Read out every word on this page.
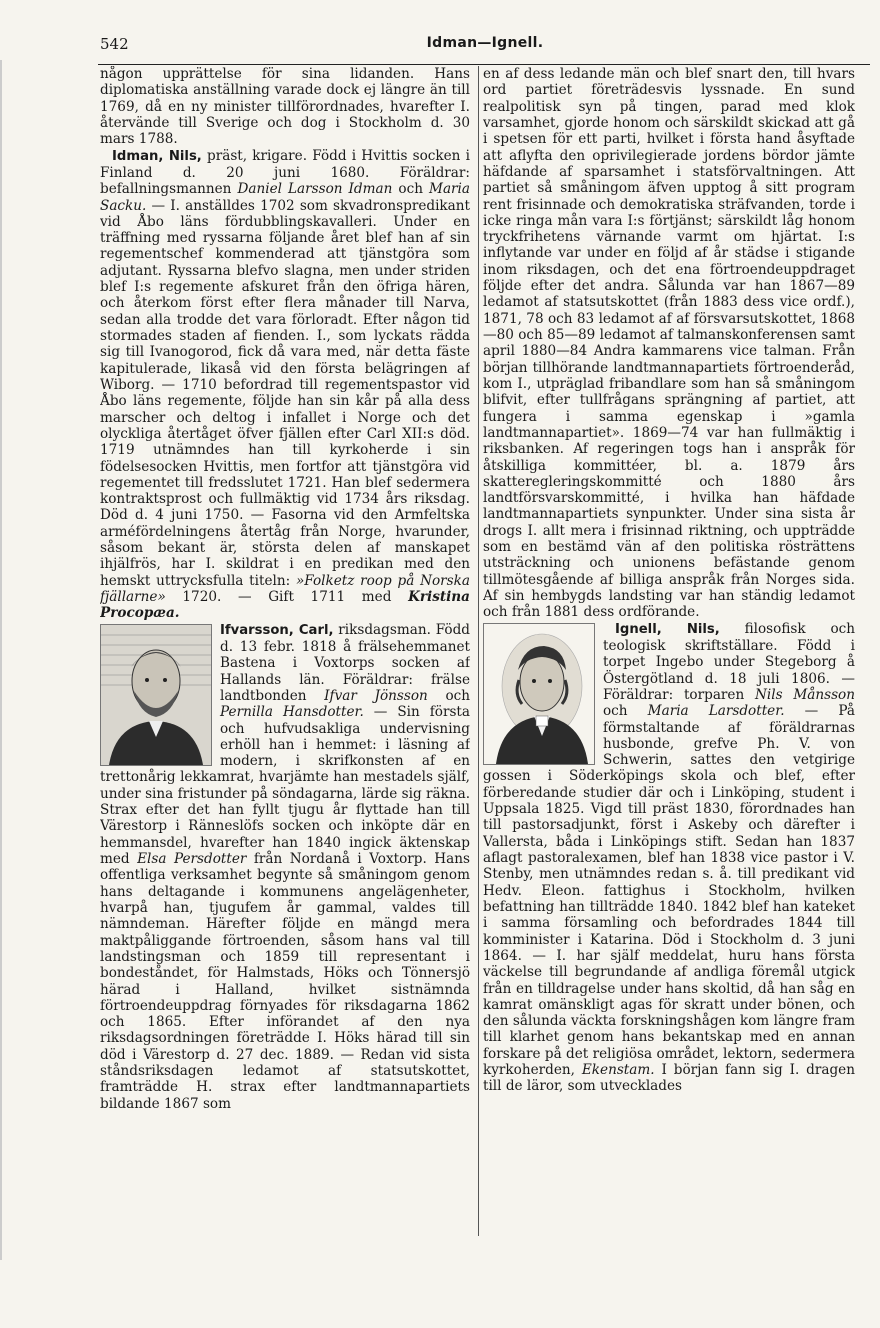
542	Idman—Ignell.

någon upprättelse för sina lidanden. Hans diplomatiska anställning varade dock ej längre än till 1769, då en ny minister tillförordnades, hvarefter I. återvände till Sverige och dog i Stockholm d. 30 mars 1788.

Idman, Nils, präst, krigare. Född i Hvittis socken i Finland d. 20 juni 1680. Föräldrar: befallningsmannen Daniel Larsson Idman och Maria Sacku. — I. anställdes 1702 som skvadronspredikant vid Åbo läns fördubblingskavalleri. Under en träffning med ryssarna följande året blef han af sin regementschef kommenderad att tjänstgöra som adjutant. Ryssarna blefvo slagna, men under striden blef I:s regemente afskuret från den öfriga hären, och återkom först efter flera månader till Narva, sedan alla trodde det vara förloradt. Efter någon tid stormades staden af fienden. I., som lyckats rädda sig till Ivanogorod, fick då vara med, när detta fäste kapitulerade, likaså vid den första belägringen af Wiborg. — 1710 befordrad till regementspastor vid Åbo läns regemente, följde han sin kår på alla dess marscher och deltog i infallet i Norge och det olyckliga återtåget öfver fjällen efter Carl XII:s död. 1719 utnämndes han till kyrkoherde i sin födelsesocken Hvittis, men fortfor att tjänstgöra vid regementet till fredsslutet 1721. Han blef sedermera kontraktsprost och fullmäktig vid 1734 års riksdag. Död d. 4 juni 1750. — Fasorna vid den Armfeltska arméfördelningens återtåg från Norge, hvarunder, såsom bekant är, största delen af manskapet ihjälfrös, har I. skildrat i en predikan med den hemskt uttrycksfulla titeln: »Folketz roop på Norska fjällarne» 1720. — Gift 1711 med Kristina Procopæa.

Ifvarsson, Carl,
riksdagsman. Född d. 13 febr. 1818 å frälsehemmanet Bastena i Voxtorps socken af Hallands län. Föräldrar: frälse landtbonden Ifvar Jönsson och Pernilla Hansdotter. — Sin första och hufvudsakliga undervisning erhöll han i hemmet: i läsning af modern, i skrifkonsten af en trettonårig lekkamrat, hvarjämte han mestadels själf, under sina fristunder på söndagarna, lärde sig räkna. Strax efter det han fyllt tjugu år flyttade han till Värestorp i Ränneslöfs socken och inköpte där en hemmansdel, hvarefter han 1840 ingick äktenskap med Elsa Persdotter från Nordanå i Voxtorp. Hans offentliga verksamhet begynte så småningom genom hans deltagande i kommunens angelägenheter, hvarpå han, tjugufem år gammal, valdes till nämndeman. Härefter följde en mängd mera maktpåliggande förtroenden, såsom hans val till landstingsman och 1859 till representant i bondeståndet, för Halmstads, Höks och Tönnersjö härad i Halland, hvilket sistnämnda förtroendeuppdrag förnyades för riksdagarna 1862 och 1865. Efter införandet af den nya riksdagsordningen företrädde I. Höks härad till sin död i Värestorp d. 27 dec. 1889. — Redan vid sista ståndsriksdagen ledamot af statsutskottet, framträdde H. strax efter landtmannapartiets bildande 1867 som

en af dess ledande män och blef snart den, till hvars ord partiet företrädesvis lyssnade. En sund realpolitisk syn på tingen, parad med klok varsamhet, gjorde honom och särskildt skickad att gå i spetsen för ett parti, hvilket i första hand åsyftade att aflyfta den oprivilegierade jordens bördor jämte häfdande af sparsamhet i statsförvaltningen. Att partiet så småningom äfven upptog å sitt program rent frisinnade och demokratiska sträfvanden, torde i icke ringa mån vara I:s förtjänst; särskildt låg honom tryckfrihetens värnande varmt om hjärtat. I:s inflytande var under en följd af år städse i stigande inom riksdagen, och det ena förtroendeuppdraget följde efter det andra. Sålunda var han 1867—89 ledamot af statsutskottet (från 1883 dess vice ordf.), 1871, 78 och 83 ledamot af af försvarsutskottet, 1868—80 och 85—89 ledamot af talmanskonferensen samt april 1880—84 Andra kammarens vice talman. Från början tillhörande landtmannapartiets förtroenderåd, kom I., utpräglad fribandlare som han så småningom blifvit, efter tullfrågans sprängning af partiet, att fungera i samma egenskap i »gamla landtmannapartiet». 1869—74 var han fullmäktig i riksbanken. Af regeringen togs han i anspråk för åtskilliga kommittéer, bl. a. 1879 års skatteregleringskommitté och 1880 års landtförsvarskommitté, i hvilka han häfdade landtmannapartiets synpunkter. Under sina sista år drogs I. allt mera i frisinnad riktning, och uppträdde som en bestämd vän af den politiska rösträttens utsträckning och unionens befästande genom tillmötesgående af billiga anspråk från Norges sida. Af sin hembygds landsting var han ständig ledamot och från 1881 dess ordförande.

Ignell, Nils,
filosofisk och teologisk skriftställare. Född i torpet Ingebo under Stegeborg å Östergötland d. 18 juli 1806. — Föräldrar: torparen Nils Månsson och Maria Larsdotter. — På förmstaltande af föräldrarnas husbonde, grefve Ph. V. von Schwerin, sattes den vetgirige gossen i Söderköpings skola och blef, efter förberedande studier där och i Linköping, student i Uppsala 1825. Vigd till präst 1830, förordnades han till pastorsadjunkt, först i Askeby och därefter i Vallersta, båda i Linköpings stift. Sedan han 1837 aflagt pastoralexamen, blef han 1838 vice pastor i V. Stenby, men utnämndes redan s. å. till predikant vid Hedv. Eleon. fattighus i Stockholm, hvilken befattning han tillträdde 1840. 1842 blef han kateket i samma församling och befordrades 1844 till komminister i Katarina. Död i Stockholm d. 3 juni 1864. — I. har själf meddelat, huru hans första väckelse till begrundande af andliga föremål utgick från en tilldragelse under hans skoltid, då han såg en kamrat omänskligt agas för skratt under bönen, och den sålunda väckta forskningshågen kom längre fram till klarhet genom hans bekantskap med en annan forskare på det religiösa området, lektorn, sedermera kyrkoherden, Ekenstam. I början fann sig I. dragen till de läror, som utvecklades
